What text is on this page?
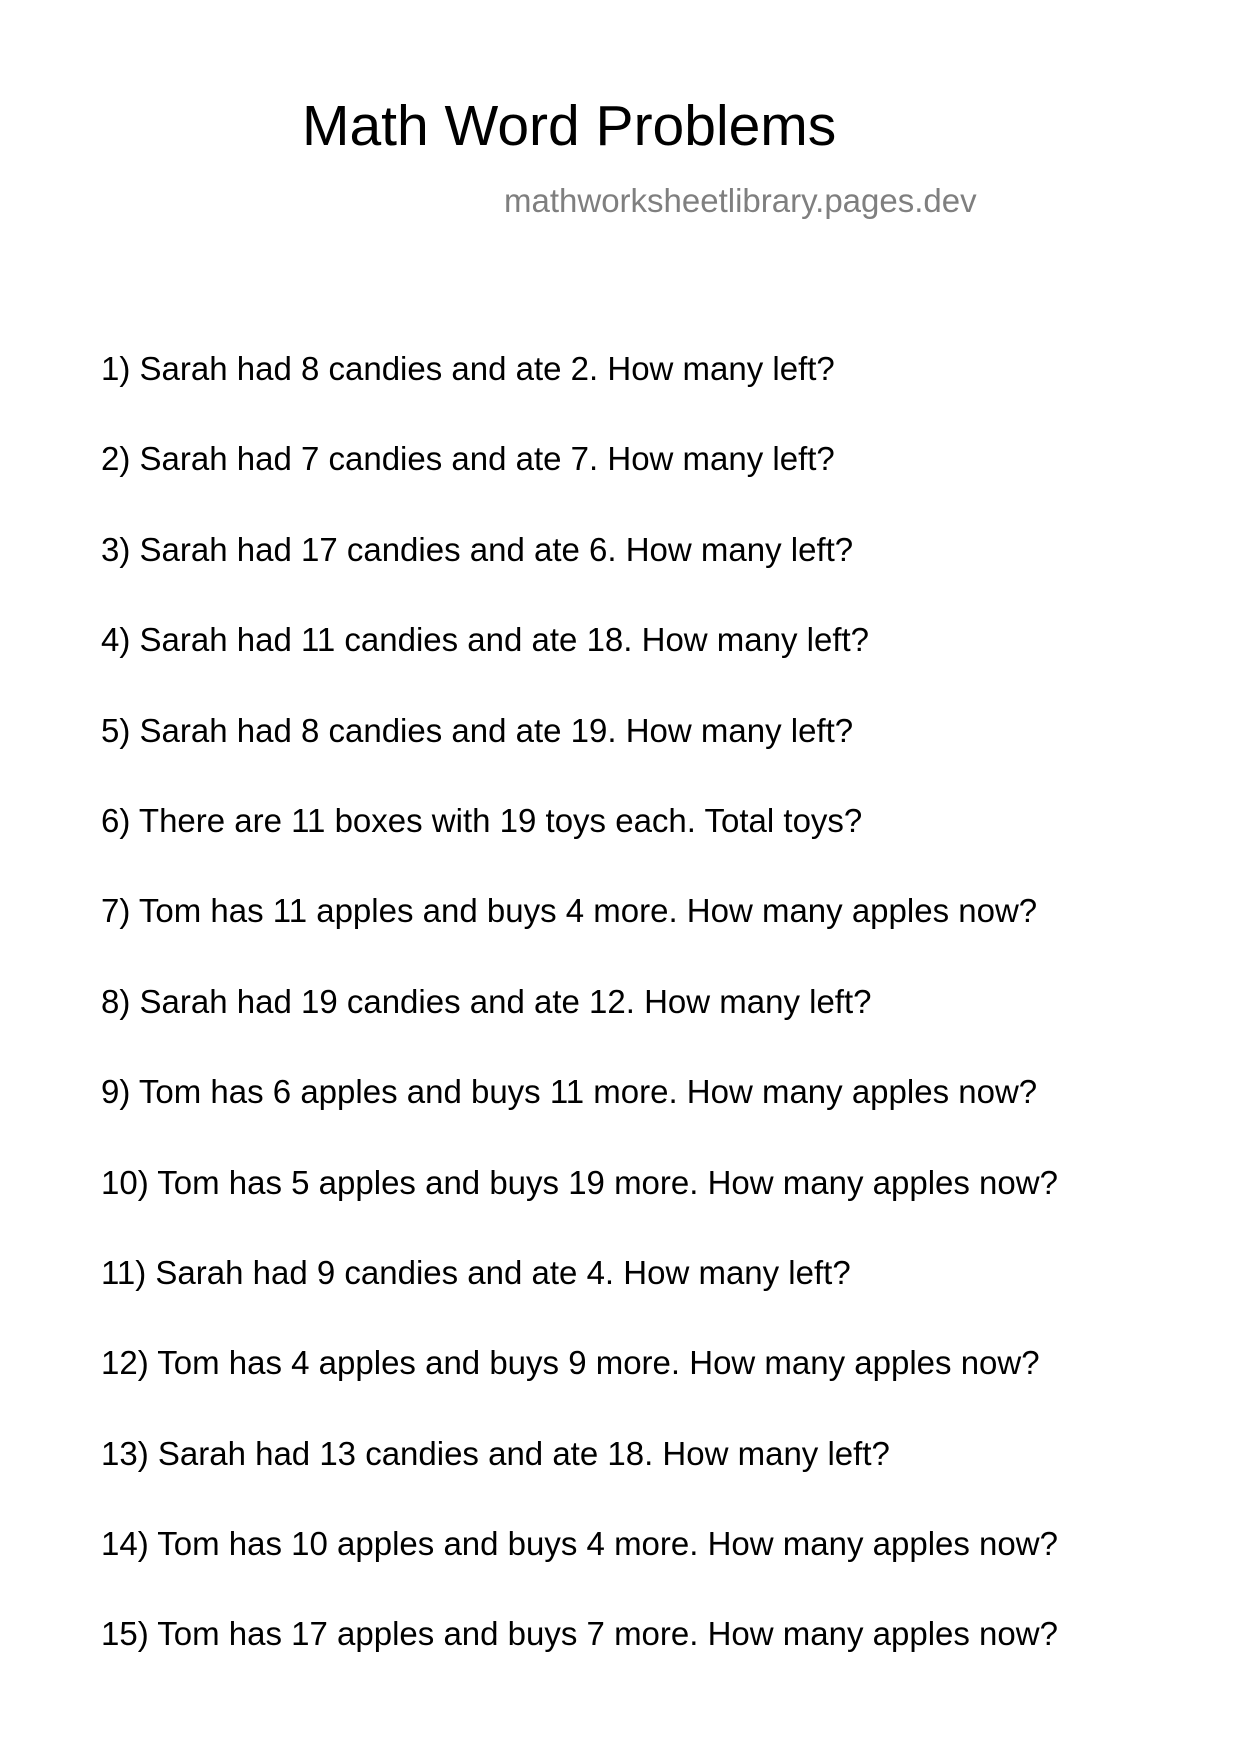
Math Word Problems
mathworksheetlibrary.pages.dev
1) Sarah had 8 candies and ate 2. How many left?
2) Sarah had 7 candies and ate 7. How many left?
3) Sarah had 17 candies and ate 6. How many left?
4) Sarah had 11 candies and ate 18. How many left?
5) Sarah had 8 candies and ate 19. How many left?
6) There are 11 boxes with 19 toys each. Total toys?
7) Tom has 11 apples and buys 4 more. How many apples now?
8) Sarah had 19 candies and ate 12. How many left?
9) Tom has 6 apples and buys 11 more. How many apples now?
10) Tom has 5 apples and buys 19 more. How many apples now?
11) Sarah had 9 candies and ate 4. How many left?
12) Tom has 4 apples and buys 9 more. How many apples now?
13) Sarah had 13 candies and ate 18. How many left?
14) Tom has 10 apples and buys 4 more. How many apples now?
15) Tom has 17 apples and buys 7 more. How many apples now?
